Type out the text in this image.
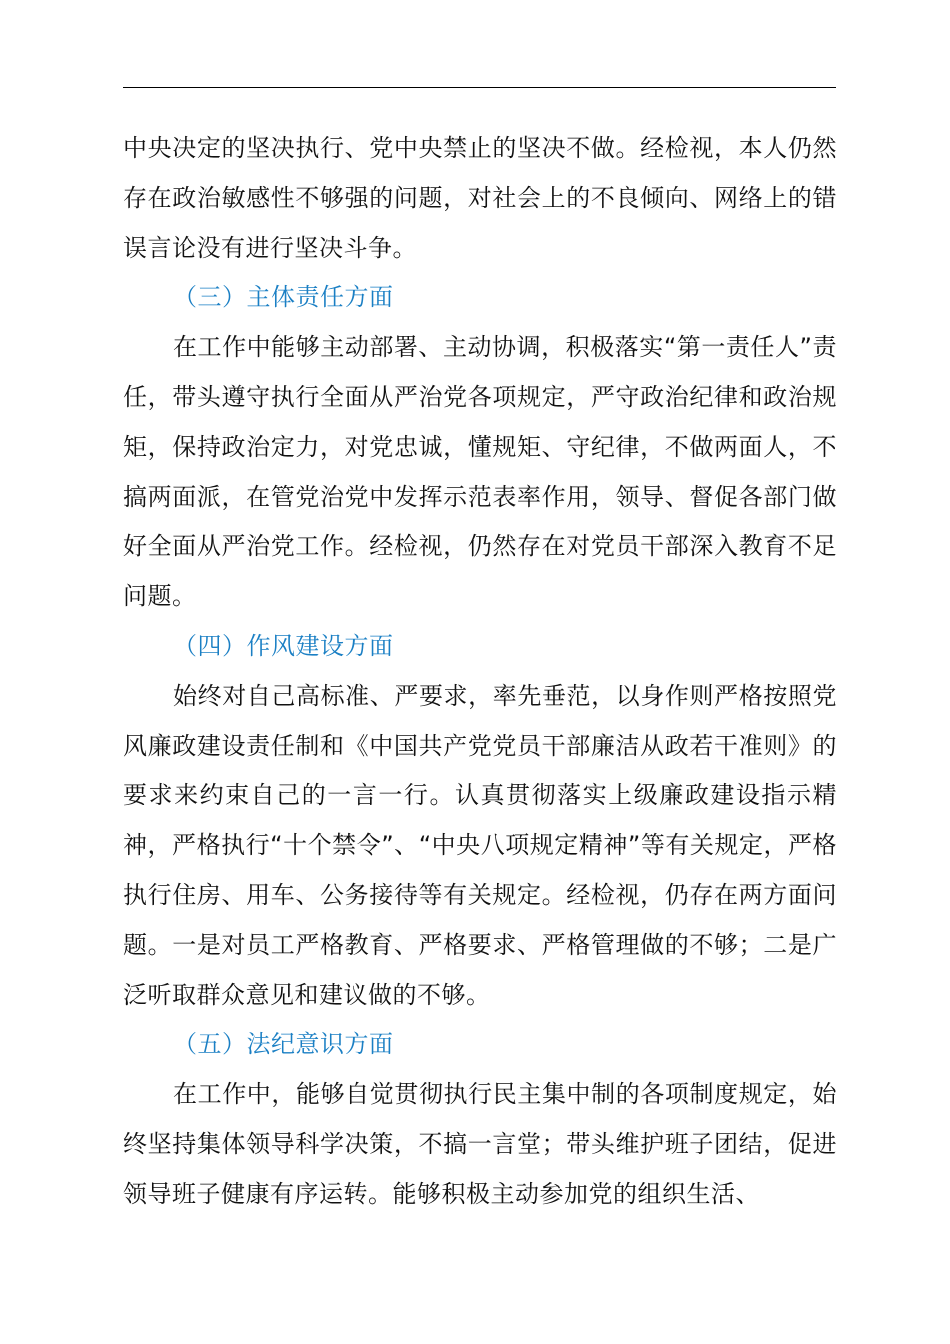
中央决定的坚决执行、党中央禁止的坚决不做。经检视，本人仍然存在政治敏感性不够强的问题，对社会上的不良倾向、网络上的错误言论没有进行坚决斗争。

（三）主体责任方面

在工作中能够主动部署、主动协调，积极落实“第一责任人”责任，带头遵守执行全面从严治党各项规定，严守政治纪律和政治规矩，保持政治定力，对党忠诚，懂规矩、守纪律，不做两面人，不搞两面派，在管党治党中发挥示范表率作用，领导、督促各部门做好全面从严治党工作。经检视，仍然存在对党员干部深入教育不足问题。

（四）作风建设方面

始终对自己高标准、严要求，率先垂范，以身作则严格按照党风廉政建设责任制和《中国共产党党员干部廉洁从政若干准则》的要求来约束自己的一言一行。认真贯彻落实上级廉政建设指示精神，严格执行“十个禁令”、“中央八项规定精神”等有关规定，严格执行住房、用车、公务接待等有关规定。经检视，仍存在两方面问题。一是对员工严格教育、严格要求、严格管理做的不够；二是广泛听取群众意见和建议做的不够。

（五）法纪意识方面

在工作中，能够自觉贯彻执行民主集中制的各项制度规定，始终坚持集体领导科学决策，不搞一言堂；带头维护班子团结，促进领导班子健康有序运转。能够积极主动参加党的组织生活、
